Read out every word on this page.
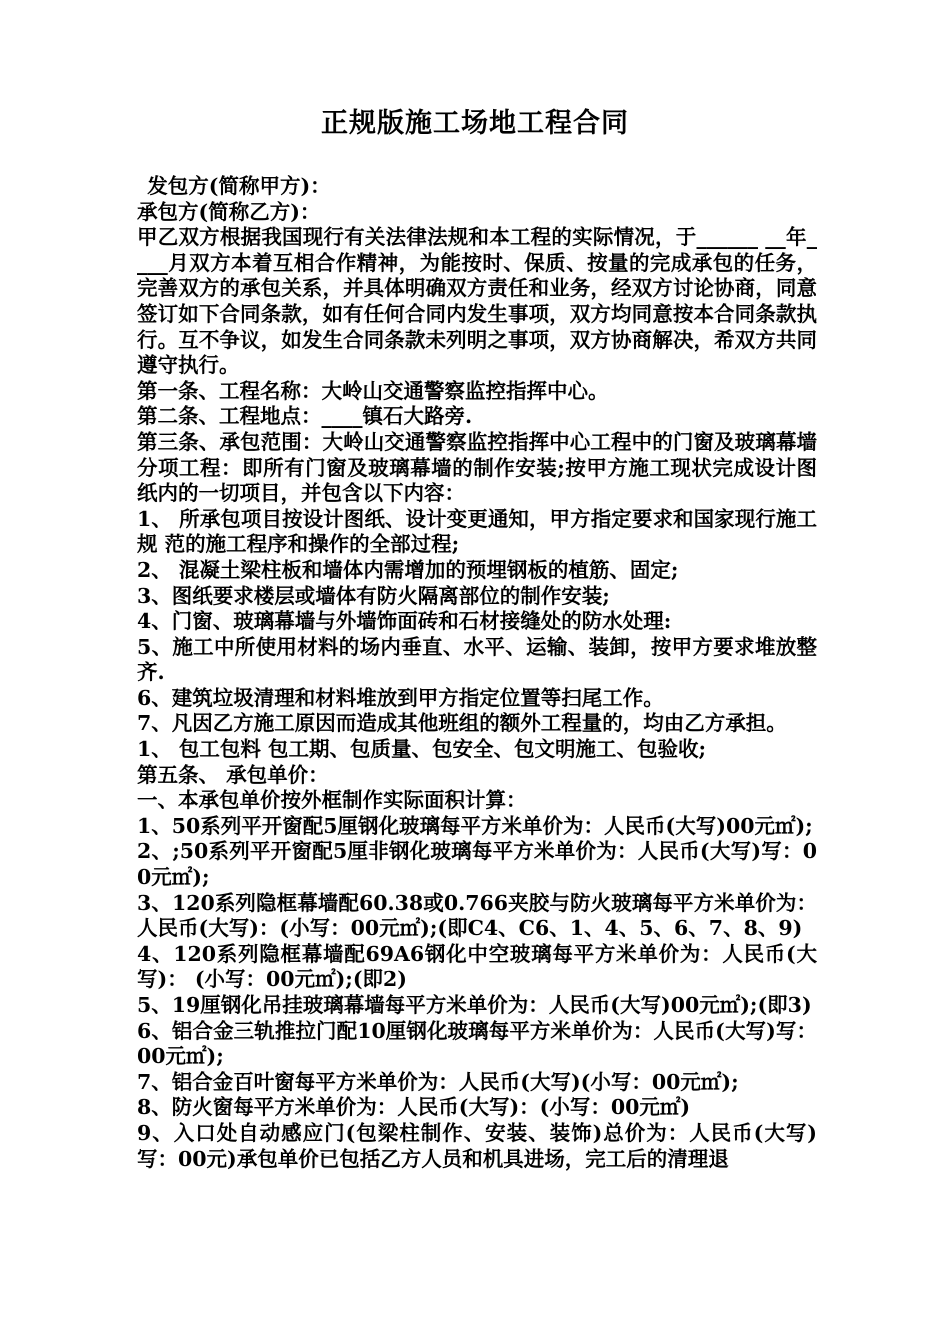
正规版施工场地工程合同

发包方(简称甲方)：

承包方(简称乙方)：

甲乙双方根据我国现行有关法律法规和本工程的实际情况，于______ __年____月双方本着互相合作精神，为能按时、保质、按量的完成承包的任务，完善双方的承包关系，并具体明确双方责任和业务，经双方讨论协商，同意签订如下合同条款，如有任何合同内发生事项，双方均同意按本合同条款执行。互不争议，如发生合同条款未列明之事项，双方协商解决，希双方共同遵守执行。

第一条、工程名称：大岭山交通警察监控指挥中心。

第二条、工程地点：____镇石大路旁.

第三条、承包范围：大岭山交通警察监控指挥中心工程中的门窗及玻璃幕墙分项工程：即所有门窗及玻璃幕墙的制作安装;按甲方施工现状完成设计图纸内的一切项目，并包含以下内容：

1、 所承包项目按设计图纸、设计变更通知，甲方指定要求和国家现行施工规 范的施工程序和操作的全部过程;

2、 混凝土梁柱板和墙体内需增加的预埋钢板的植筋、固定;

3、图纸要求楼层或墙体有防火隔离部位的制作安装;

4、门窗、玻璃幕墙与外墙饰面砖和石材接缝处的防水处理:

5、施工中所使用材料的场内垂直、水平、运输、装卸，按甲方要求堆放整齐.

6、建筑垃圾清理和材料堆放到甲方指定位置等扫尾工作。

7、凡因乙方施工原因而造成其他班组的额外工程量的，均由乙方承担。

1、 包工包料 包工期、包质量、包安全、包文明施工、包验收;

第五条、 承包单价：

一、本承包单价按外框制作实际面积计算：

1、50系列平开窗配5厘钢化玻璃每平方米单价为：人民币(大写)00元㎡);

2、;50系列平开窗配5厘非钢化玻璃每平方米单价为：人民币(大写)写：00元㎡);

3、120系列隐框幕墙配60.38或0.766夹胶与防火玻璃每平方米单价为：人民币(大写)：(小写：00元㎡);(即C4、C6、1、4、5、6、7、8、9)

4、120系列隐框幕墙配69A6钢化中空玻璃每平方米单价为：人民币(大写)： (小写：00元㎡);(即2)

5、19厘钢化吊挂玻璃幕墙每平方米单价为：人民币(大写)00元㎡);(即3)

6、铝合金三轨推拉门配10厘钢化玻璃每平方米单价为：人民币(大写)写：00元㎡);

7、铝合金百叶窗每平方米单价为：人民币(大写)(小写：00元㎡);

8、防火窗每平方米单价为：人民币(大写)：(小写：00元㎡)

9、入口处自动感应门(包梁柱制作、安装、装饰)总价为：人民币(大写)写：00元)承包单价已包括乙方人员和机具进场，完工后的清理退
